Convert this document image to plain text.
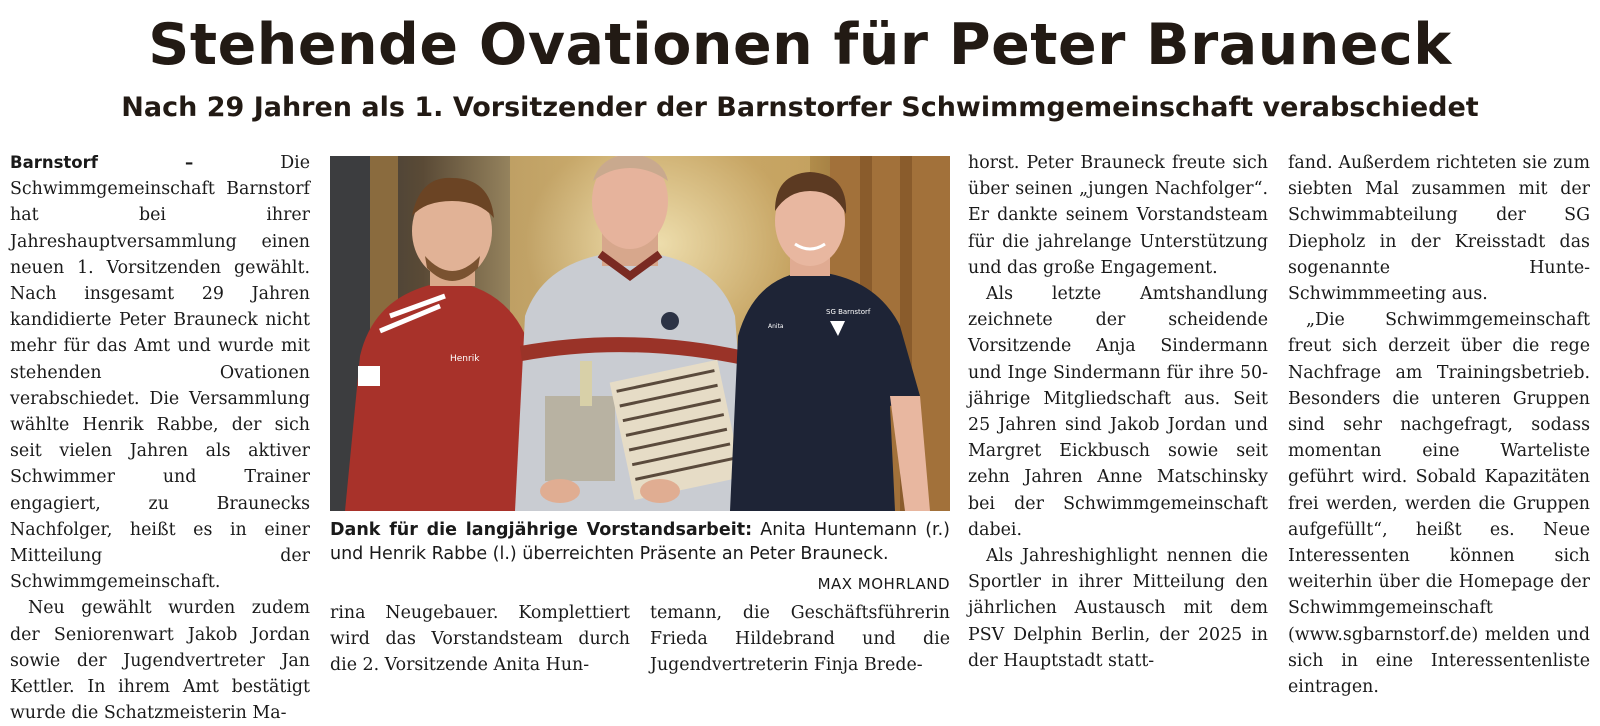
Stehende Ovationen für Peter Brauneck
Nach 29 Jahren als 1. Vorsitzender der Barnstorfer Schwimmgemeinschaft verabschiedet

Barnstorf –	Die Schwimmgemeinschaft Barnstorf hat bei ihrer Jahreshauptversammlung einen neuen 1. Vorsitzenden gewählt. Nach insgesamt 29 Jahren kandidierte Peter Brauneck nicht mehr für das Amt und wurde mit stehenden Ovationen verabschiedet. Die Versammlung wählte Henrik Rabbe, der sich seit vielen Jahren als aktiver Schwimmer und Trainer engagiert, zu Braunecks Nachfolger, heißt es in einer Mitteilung der Schwimmgemeinschaft.

Neu gewählt wurden zudem der Seniorenwart Jakob Jordan sowie der Jugendvertreter Jan Kettler. In ihrem Amt bestätigt wurde die Schatzmeisterin Ma-

Henrik
SG Barnstorf
Anita
Dank für die langjährige Vorstandsarbeit: Anita Huntemann (r.) und Henrik Rabbe (l.) überreichten Präsente an Peter Brauneck.
MAX MOHRLAND

rina Neugebauer. Komplettiert wird das Vorstandsteam durch die 2. Vorsitzende Anita Hun-

temann, die Geschäftsführerin Frieda Hildebrand und die Jugendvertreterin Finja Brede-

horst. Peter Brauneck freute sich über seinen „jungen Nachfolger“. Er dankte seinem Vorstandsteam für die jahrelange Unterstützung und das große Engagement.

Als letzte Amtshandlung zeichnete der scheidende Vorsitzende Anja Sindermann und Inge Sindermann für ihre 50-jährige Mitgliedschaft aus. Seit 25 Jahren sind Jakob Jordan und Margret Eickbusch sowie seit zehn Jahren Anne Matschinsky bei der Schwimmgemeinschaft dabei.

Als Jahreshighlight nennen die Sportler in ihrer Mitteilung den jährlichen Austausch mit dem PSV Delphin Berlin, der 2025 in der Hauptstadt statt-

fand. Außerdem richteten sie zum siebten Mal zusammen mit der Schwimmabteilung der SG Diepholz in der Kreisstadt das sogenannte Hunte-Schwimmmeeting aus.

„Die Schwimmgemeinschaft freut sich derzeit über die rege Nachfrage am Trainingsbetrieb. Besonders die unteren Gruppen sind sehr nachgefragt, sodass momentan eine Warteliste geführt wird. Sobald Kapazitäten frei werden, werden die Gruppen aufgefüllt“, heißt es. Neue Interessenten können sich weiterhin über die Homepage der Schwimmgemeinschaft (www.sgbarnstorf.de) melden und sich in eine Interessentenliste eintragen.
